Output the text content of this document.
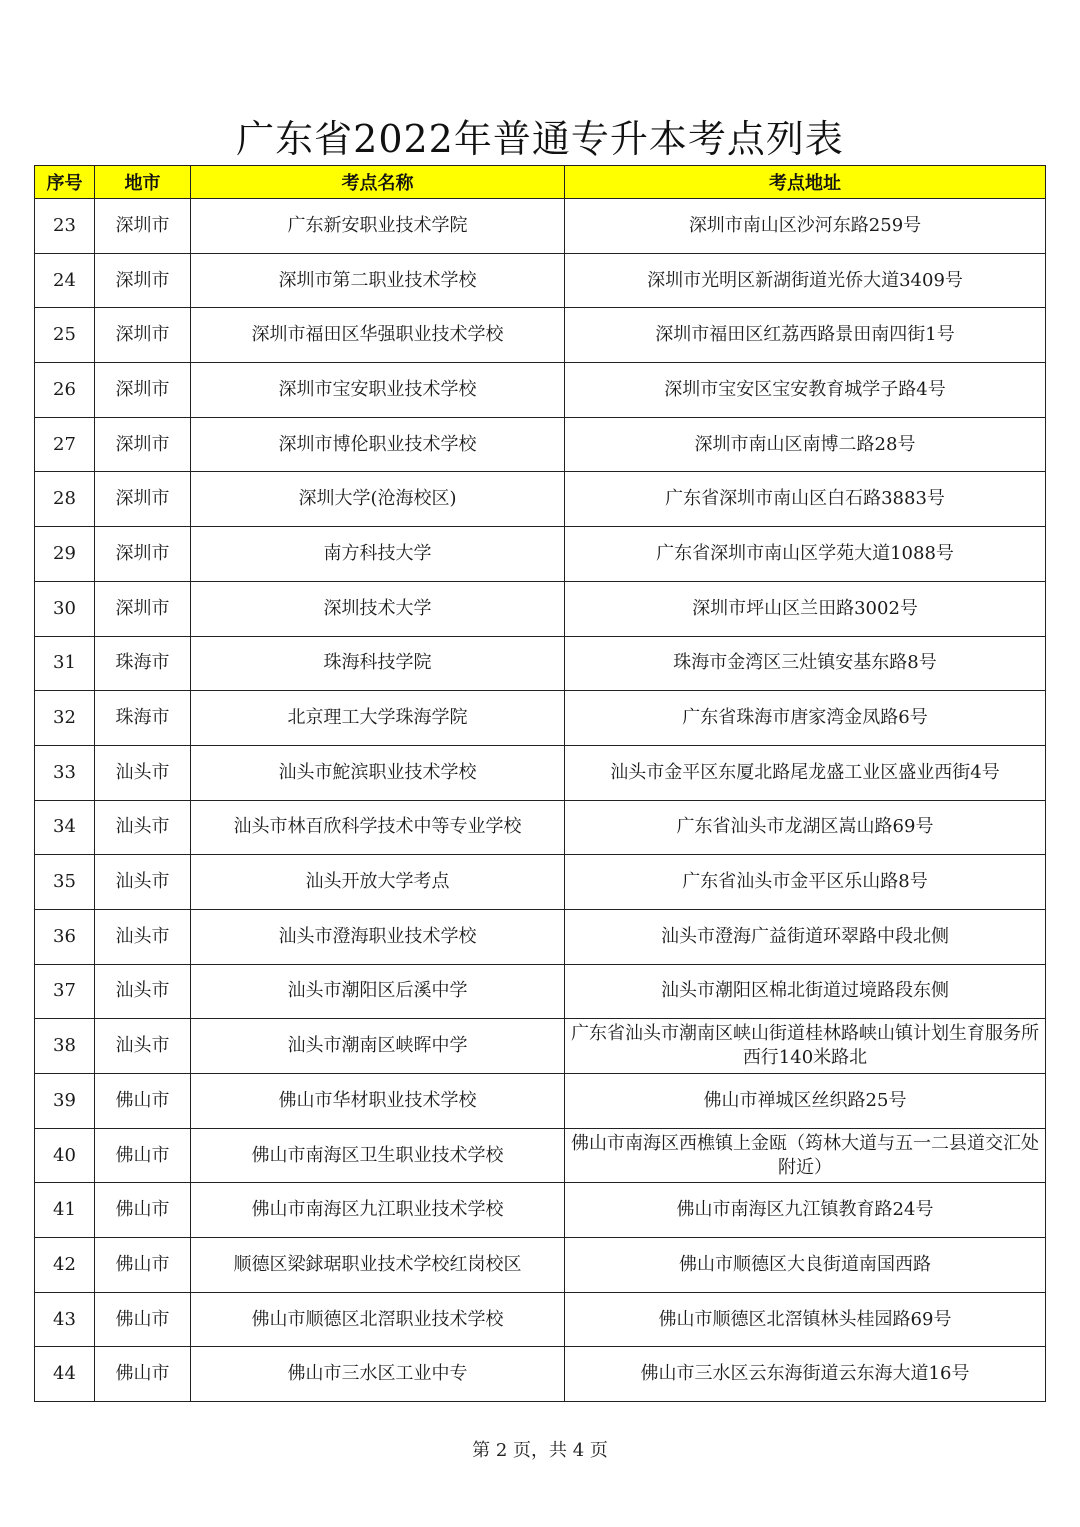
广东省2022年普通专升本考点列表
序号	地市	考点名称	考点地址
23	深圳市	广东新安职业技术学院	深圳市南山区沙河东路259号
24	深圳市	深圳市第二职业技术学校	深圳市光明区新湖街道光侨大道3409号
25	深圳市	深圳市福田区华强职业技术学校	深圳市福田区红荔西路景田南四街1号
26	深圳市	深圳市宝安职业技术学校	深圳市宝安区宝安教育城学子路4号
27	深圳市	深圳市博伦职业技术学校	深圳市南山区南博二路28号
28	深圳市	深圳大学(沧海校区)	广东省深圳市南山区白石路3883号
29	深圳市	南方科技大学	广东省深圳市南山区学苑大道1088号
30	深圳市	深圳技术大学	深圳市坪山区兰田路3002号
31	珠海市	珠海科技学院	珠海市金湾区三灶镇安基东路8号
32	珠海市	北京理工大学珠海学院	广东省珠海市唐家湾金凤路6号
33	汕头市	汕头市鮀滨职业技术学校	汕头市金平区东厦北路尾龙盛工业区盛业西街4号
34	汕头市	汕头市林百欣科学技术中等专业学校	广东省汕头市龙湖区嵩山路69号
35	汕头市	汕头开放大学考点	广东省汕头市金平区乐山路8号
36	汕头市	汕头市澄海职业技术学校	汕头市澄海广益街道环翠路中段北侧
37	汕头市	汕头市潮阳区后溪中学	汕头市潮阳区棉北街道过境路段东侧
38	汕头市	汕头市潮南区峡晖中学	广东省汕头市潮南区峡山街道桂林路峡山镇计划生育服务所西行140米路北
39	佛山市	佛山市华材职业技术学校	佛山市禅城区丝织路25号
40	佛山市	佛山市南海区卫生职业技术学校	佛山市南海区西樵镇上金瓯（筠林大道与五一二县道交汇处附近）
41	佛山市	佛山市南海区九江职业技术学校	佛山市南海区九江镇教育路24号
42	佛山市	顺德区梁銶琚职业技术学校红岗校区	佛山市顺德区大良街道南国西路
43	佛山市	佛山市顺德区北滘职业技术学校	佛山市顺德区北滘镇林头桂园路69号
44	佛山市	佛山市三水区工业中专	佛山市三水区云东海街道云东海大道16号
第 2 页，共 4 页
